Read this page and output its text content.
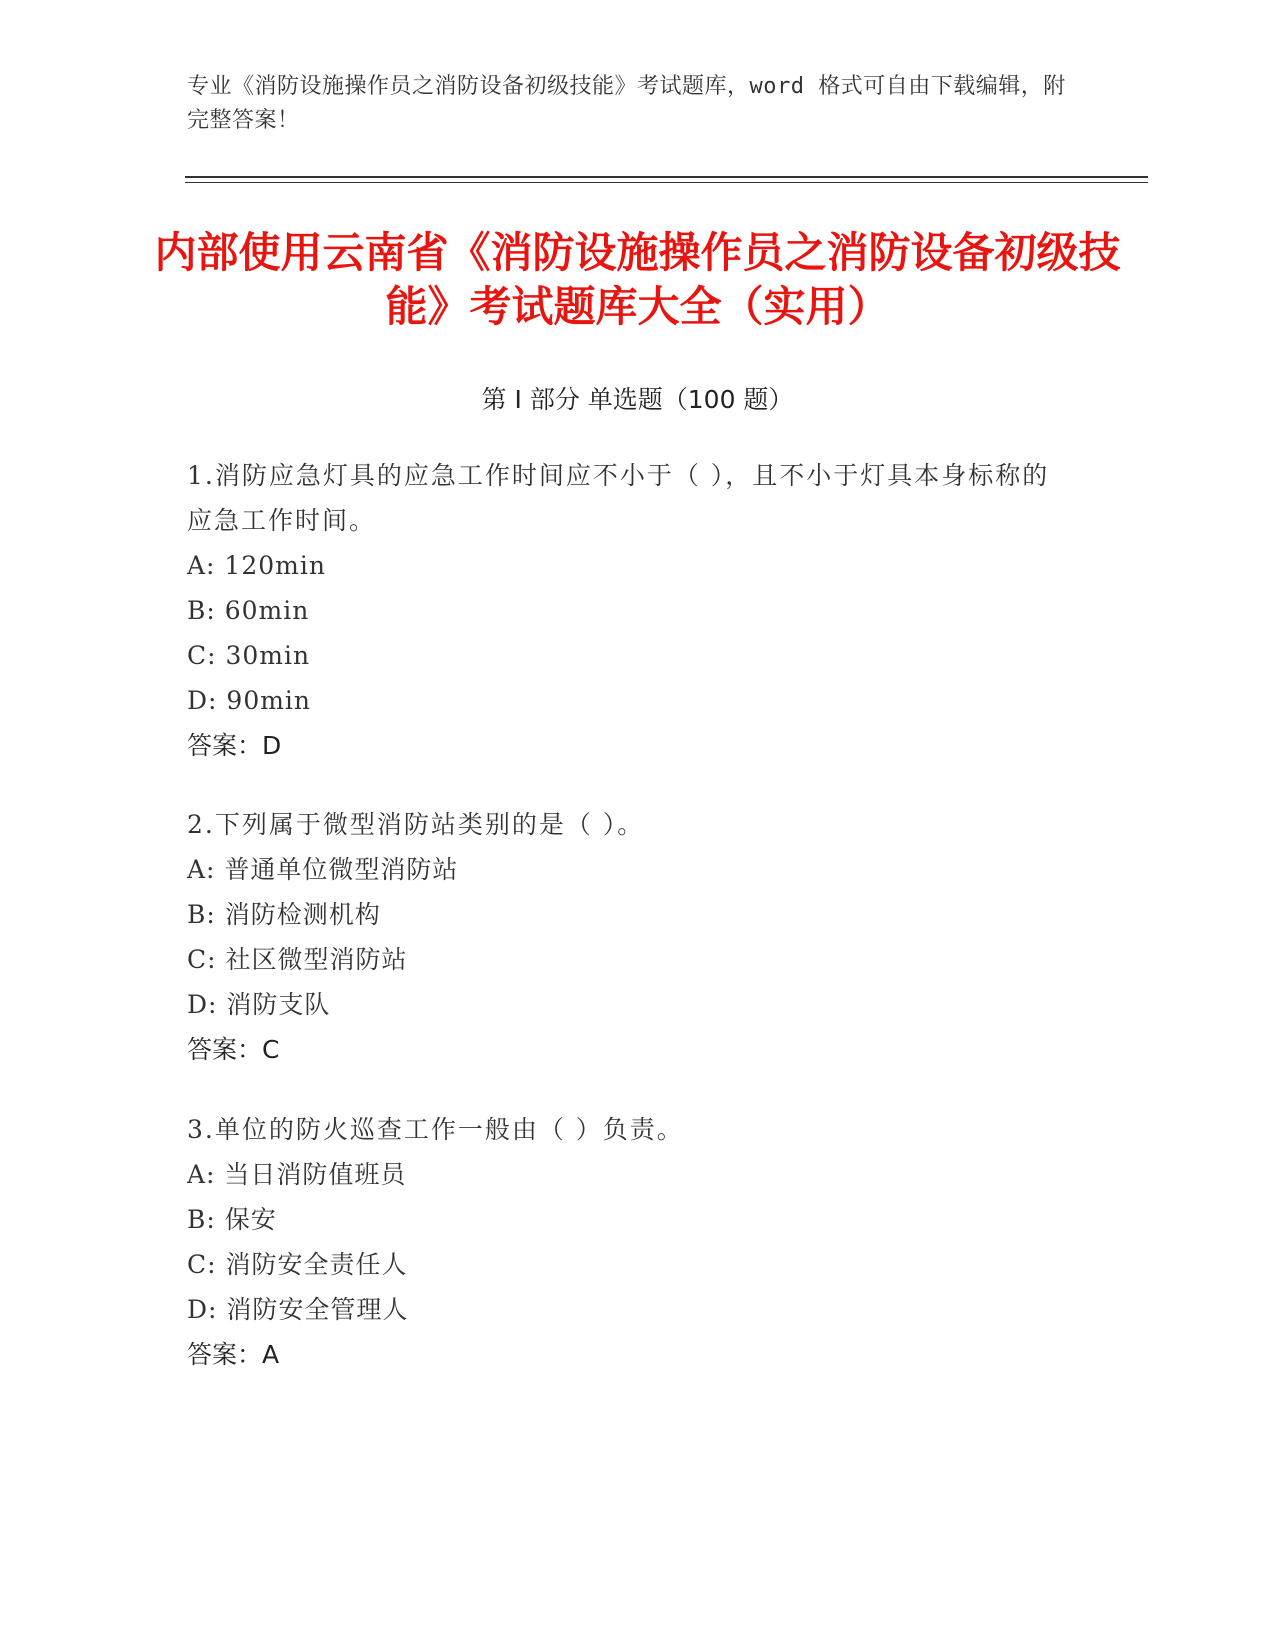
专业《消防设施操作员之消防设备初级技能》考试题库，word 格式可自由下载编辑，附完整答案！
内部使用云南省《消防设施操作员之消防设备初级技能》考试题库大全（实用）
第 I 部分 单选题（100 题）
1.消防应急灯具的应急工作时间应不小于（ ），且不小于灯具本身标称的应急工作时间。
A: 120min
B: 60min
C: 30min
D: 90min
答案：D
2.下列属于微型消防站类别的是（ ）。
A: 普通单位微型消防站
B: 消防检测机构
C: 社区微型消防站
D: 消防支队
答案：C
3.单位的防火巡查工作一般由（ ）负责。
A: 当日消防值班员
B: 保安
C: 消防安全责任人
D: 消防安全管理人
答案：A
